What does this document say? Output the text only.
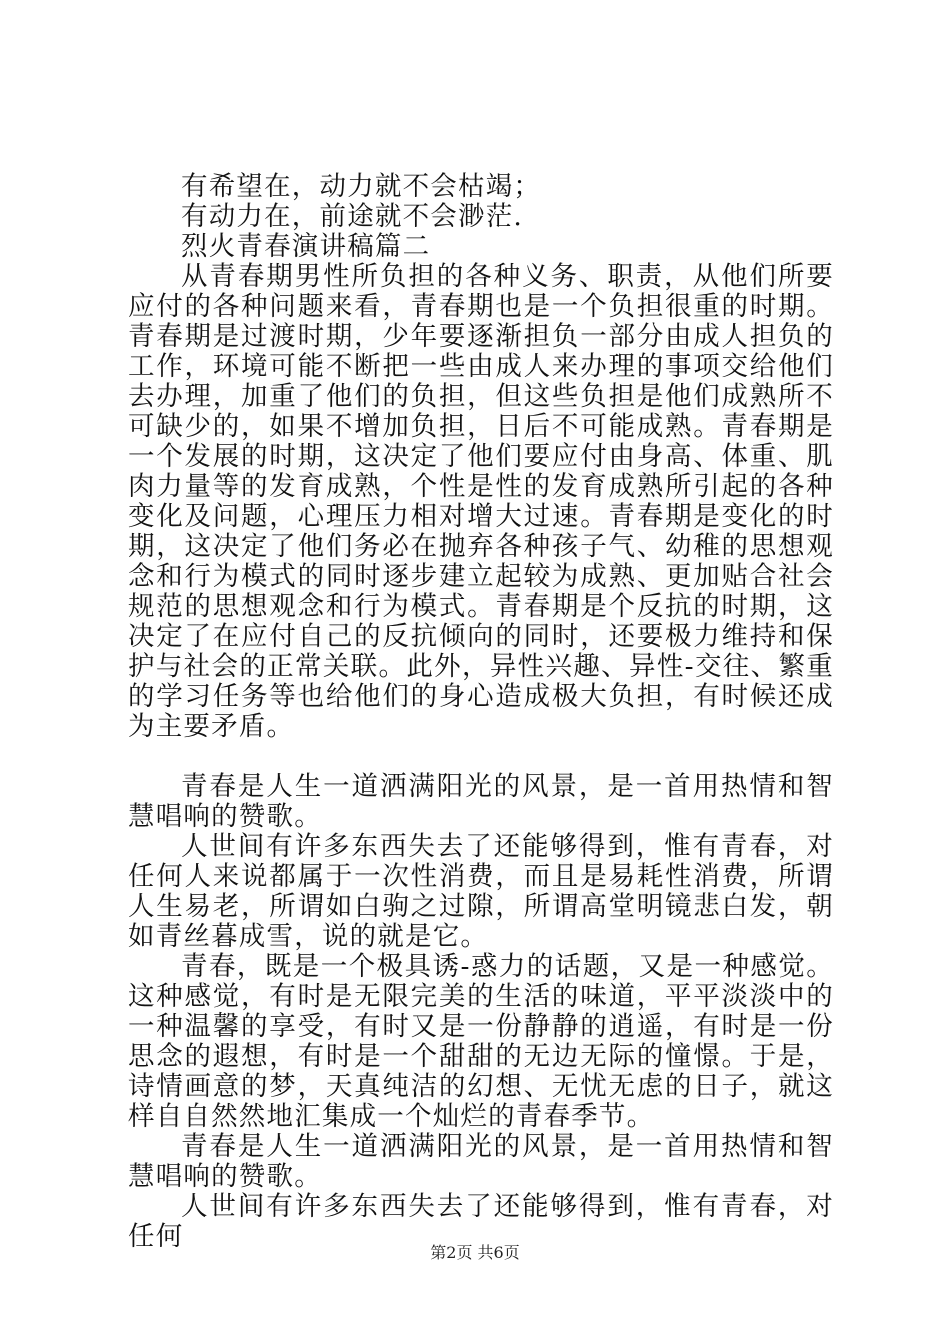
有希望在，动力就不会枯竭；

有动力在，前途就不会渺茫.

烈火青春演讲稿篇二

从青春期男性所负担的各种义务、职责，从他们所要应付的各种问题来看，青春期也是一个负担很重的时期。青春期是过渡时期，少年要逐渐担负一部分由成人担负的工作，环境可能不断把一些由成人来办理的事项交给他们去办理，加重了他们的负担，但这些负担是他们成熟所不可缺少的，如果不增加负担，日后不可能成熟。青春期是一个发展的时期，这决定了他们要应付由身高、体重、肌肉力量等的发育成熟，个性是性的发育成熟所引起的各种变化及问题，心理压力相对增大过速。青春期是变化的时期，这决定了他们务必在抛弃各种孩子气、幼稚的思想观念和行为模式的同时逐步建立起较为成熟、更加贴合社会规范的思想观念和行为模式。青春期是个反抗的时期，这决定了在应付自己的反抗倾向的同时，还要极力维持和保护与社会的正常关联。此外，异性兴趣、异性-交往、繁重的学习任务等也给他们的身心造成极大负担，有时候还成为主要矛盾。

青春是人生一道洒满阳光的风景，是一首用热情和智慧唱响的赞歌。

人世间有许多东西失去了还能够得到，惟有青春，对任何人来说都属于一次性消费，而且是易耗性消费，所谓人生易老，所谓如白驹之过隙，所谓高堂明镜悲白发，朝如青丝暮成雪，说的就是它。

青春，既是一个极具诱-惑力的话题，又是一种感觉。这种感觉，有时是无限完美的生活的味道，平平淡淡中的一种温馨的享受，有时又是一份静静的逍遥，有时是一份思念的遐想，有时是一个甜甜的无边无际的憧憬。于是，诗情画意的梦，天真纯洁的幻想、无忧无虑的日子，就这样自自然然地汇集成一个灿烂的青春季节。

青春是人生一道洒满阳光的风景，是一首用热情和智慧唱响的赞歌。

人世间有许多东西失去了还能够得到，惟有青春，对任何

第2页 共6页
